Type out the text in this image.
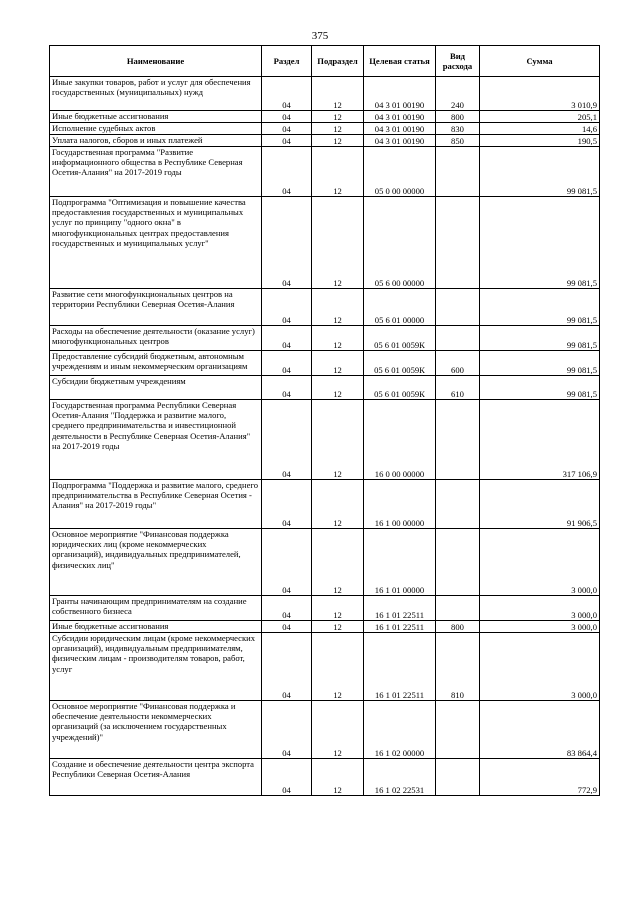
375
Наименование	Раздел	Подраздел	Целевая статья	Вид расхода	Сумма
Иные закупки товаров, работ и услуг для обеспечения государственных (муниципальных) нужд	04	12	04 3 01 00190	240	3 010,9
Иные бюджетные ассигнования	04	12	04 3 01 00190	800	205,1
Исполнение судебных актов	04	12	04 3 01 00190	830	14,6
Уплата налогов, сборов и иных платежей	04	12	04 3 01 00190	850	190,5
Государственная программа "Развитие информационного общества в Республике Северная Осетия-Алания" на 2017-2019 годы	04	12	05 0 00 00000		99 081,5
Подпрограмма "Оптимизация и повышение качества предоставления государственных и муниципальных услуг по принципу "одного окна" в многофункциональных центрах предоставления государственных и муниципальных услуг"	04	12	05 6 00 00000		99 081,5
Развитие сети многофункциональных центров на территории Республики Северная Осетия-Алания	04	12	05 6 01 00000		99 081,5
Расходы на обеспечение деятельности (оказание услуг) многофункциональных центров	04	12	05 6 01 0059К		99 081,5
Предоставление субсидий бюджетным, автономным учреждениям и иным некоммерческим организациям	04	12	05 6 01 0059К	600	99 081,5
Субсидии бюджетным учреждениям	04	12	05 6 01 0059К	610	99 081,5
Государственная программа Республики Северная Осетия-Алания "Поддержка и развитие малого, среднего предпринимательства и инвестиционной деятельности в Республике Северная Осетия-Алания" на 2017-2019 годы	04	12	16 0 00 00000		317 106,9
Подпрограмма "Поддержка и развитие малого, среднего предпринимательства в Республике Северная Осетия - Алания" на 2017-2019 годы"	04	12	16 1 00 00000		91 906,5
Основное мероприятие "Финансовая поддержка юридических лиц (кроме некоммерческих организаций), индивидуальных предпринимателей, физических лиц"	04	12	16 1 01 00000		3 000,0
Гранты начинающим предпринимателям на создание собственного бизнеса	04	12	16 1 01 22511		3 000,0
Иные бюджетные ассигнования	04	12	16 1 01 22511	800	3 000,0
Субсидии юридическим лицам (кроме некоммерческих организаций), индивидуальным предпринимателям, физическим лицам - производителям товаров, работ, услуг	04	12	16 1 01 22511	810	3 000,0
Основное мероприятие "Финансовая поддержка и обеспечение деятельности некоммерческих организаций (за исключением государственных учреждений)"	04	12	16 1 02 00000		83 864,4
Создание и обеспечение деятельности центра экспорта Республики Северная Осетия-Алания	04	12	16 1 02 22531		772,9
